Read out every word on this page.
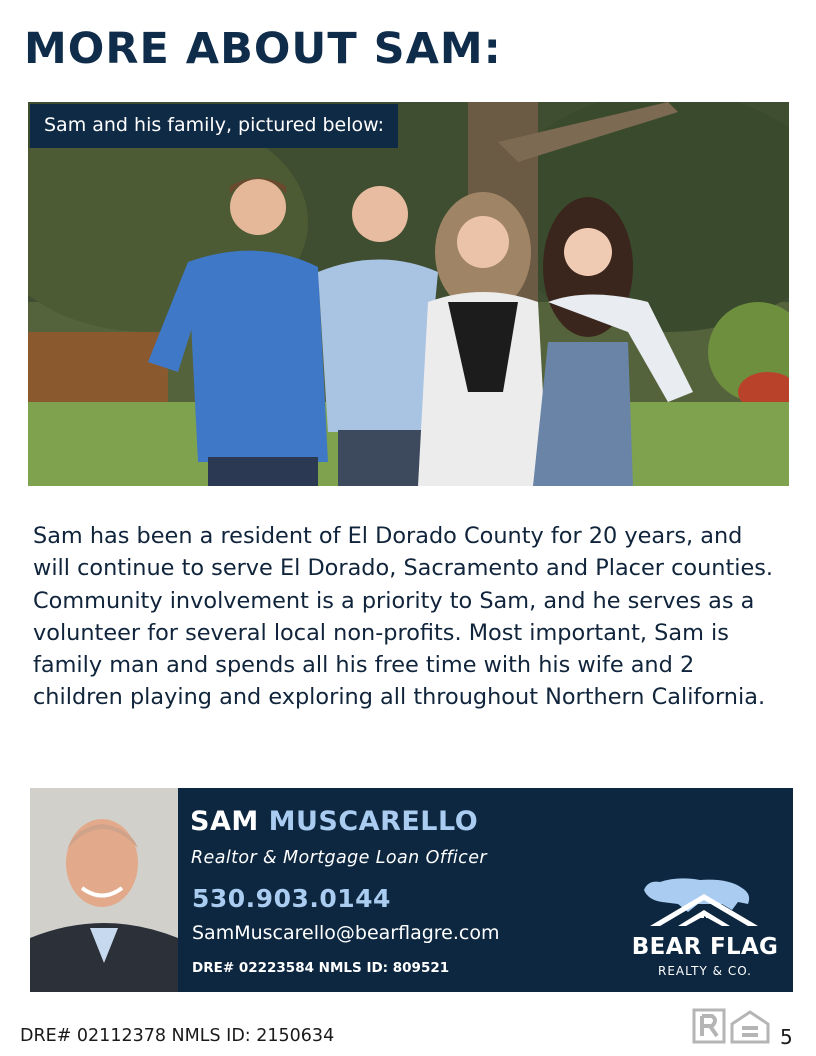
MORE ABOUT SAM:
Sam and his family, pictured below:

Sam has been a resident of El Dorado County for 20 years, and will continue to serve El Dorado, Sacramento and Placer counties. Community involvement is a priority to Sam, and he serves as a volunteer for several local non-profits. Most important, Sam is family man and spends all his free time with his wife and 2 children playing and exploring all throughout Northern California.

SAM MUSCARELLO
Realtor & Mortgage Loan Officer
530.903.0144
SamMuscarello@bearflagre.com
DRE# 02223584 NMLS ID: 809521
BEAR FLAG
REALTY & CO.
DRE# 02112378 NMLS ID: 2150634	5
